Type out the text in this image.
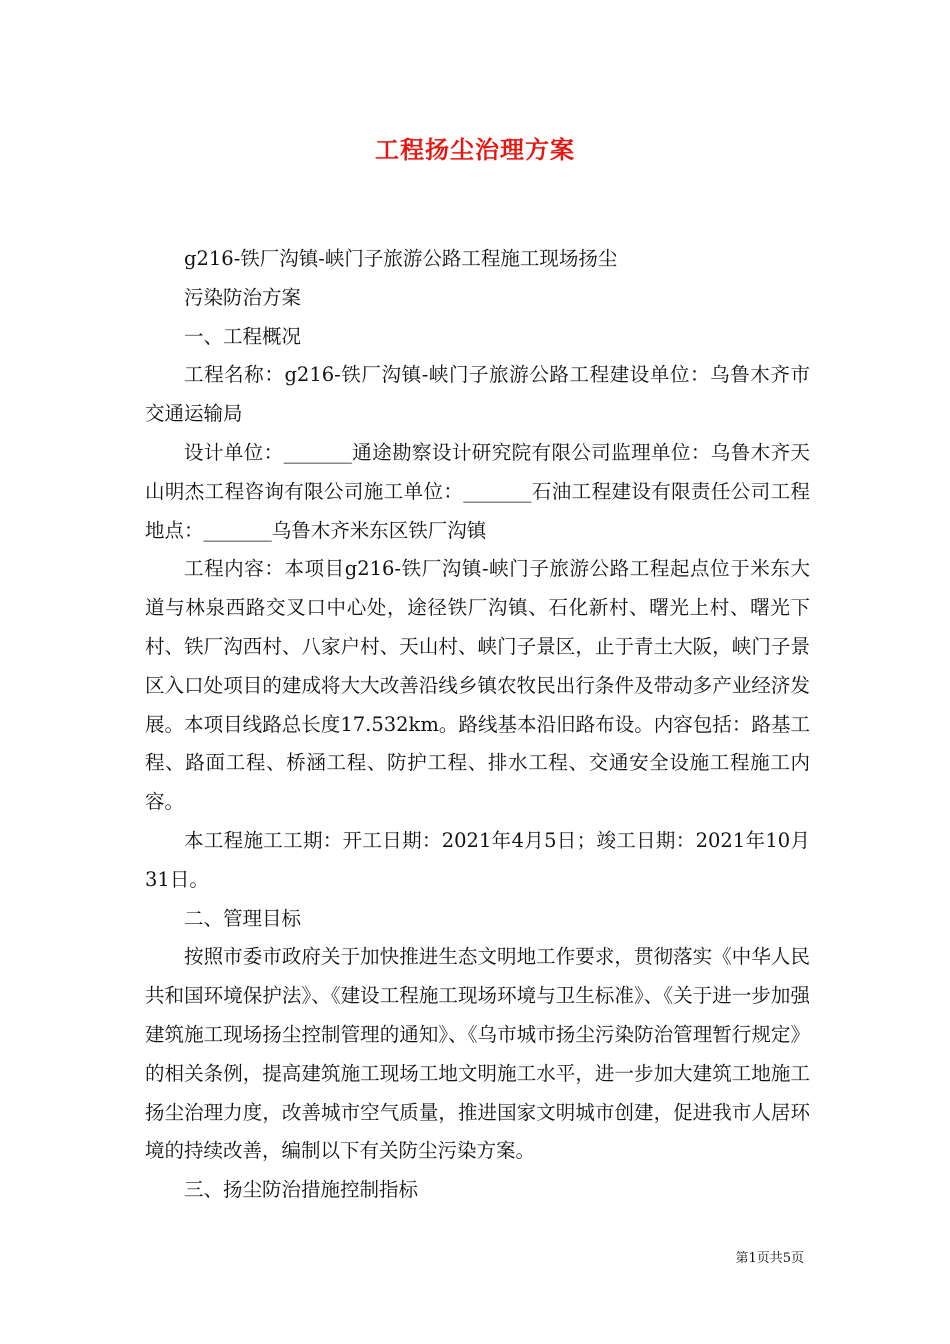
工程扬尘治理方案

g216-铁厂沟镇-峡门子旅游公路工程施工现场扬尘

污染防治方案

一、工程概况

工程名称：g216-铁厂沟镇-峡门子旅游公路工程建设单位：乌鲁木齐市交通运输局

设计单位：_______通途勘察设计研究院有限公司监理单位：乌鲁木齐天山明杰工程咨询有限公司施工单位：_______石油工程建设有限责任公司工程地点：_______乌鲁木齐米东区铁厂沟镇

工程内容：本项目g216-铁厂沟镇-峡门子旅游公路工程起点位于米东大道与林泉西路交叉口中心处，途径铁厂沟镇、石化新村、曙光上村、曙光下村、铁厂沟西村、八家户村、天山村、峡门子景区，止于青土大阪，峡门子景区入口处项目的建成将大大改善沿线乡镇农牧民出行条件及带动多产业经济发展。本项目线路总长度17.532km。路线基本沿旧路布设。内容包括：路基工程、路面工程、桥涵工程、防护工程、排水工程、交通安全设施工程施工内容。

本工程施工工期：开工日期：2021年4月5日；竣工日期：2021年10月31日。

二、管理目标

按照市委市政府关于加快推进生态文明地工作要求，贯彻落实《中华人民共和国环境保护法》、《建设工程施工现场环境与卫生标准》、《关于进一步加强建筑施工现场扬尘控制管理的通知》、《乌市城市扬尘污染防治管理暂行规定》的相关条例，提高建筑施工现场工地文明施工水平，进一步加大建筑工地施工扬尘治理力度，改善城市空气质量，推进国家文明城市创建，促进我市人居环境的持续改善，编制以下有关防尘污染方案。

三、扬尘防治措施控制指标

第1页共5页
